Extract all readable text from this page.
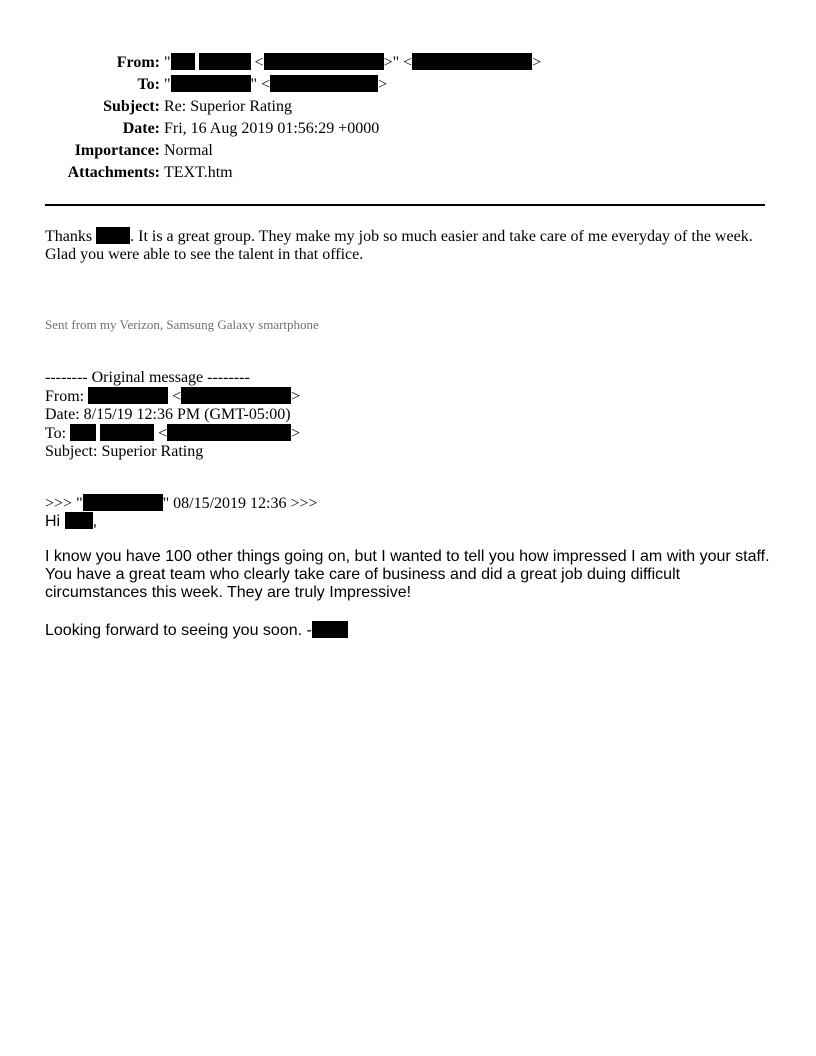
From: "	<	>" <	>
To: "	" <	>
Subject: Re: Superior Rating
Date: Fri, 16 Aug 2019 01:56:29 +0000
Importance: Normal
Attachments: TEXT.htm
Thanks . It is a great group. They make my job so much easier and take care of me everyday of the week.
Glad you were able to see the talent in that office.
Sent from my Verizon, Samsung Galaxy smartphone
-------- Original message --------
From:	<	>
Date: 8/15/19 12:36 PM (GMT-05:00)
To:	<	>
Subject: Superior Rating
>>> "	" 08/15/2019 12:36 >>>
Hi ,
I know you have 100 other things going on, but I wanted to tell you how impressed I am with your staff. You have a great team who clearly take care of business and did a great job duing difficult circumstances this week. They are truly Impressive!
Looking forward to seeing you soon. -
